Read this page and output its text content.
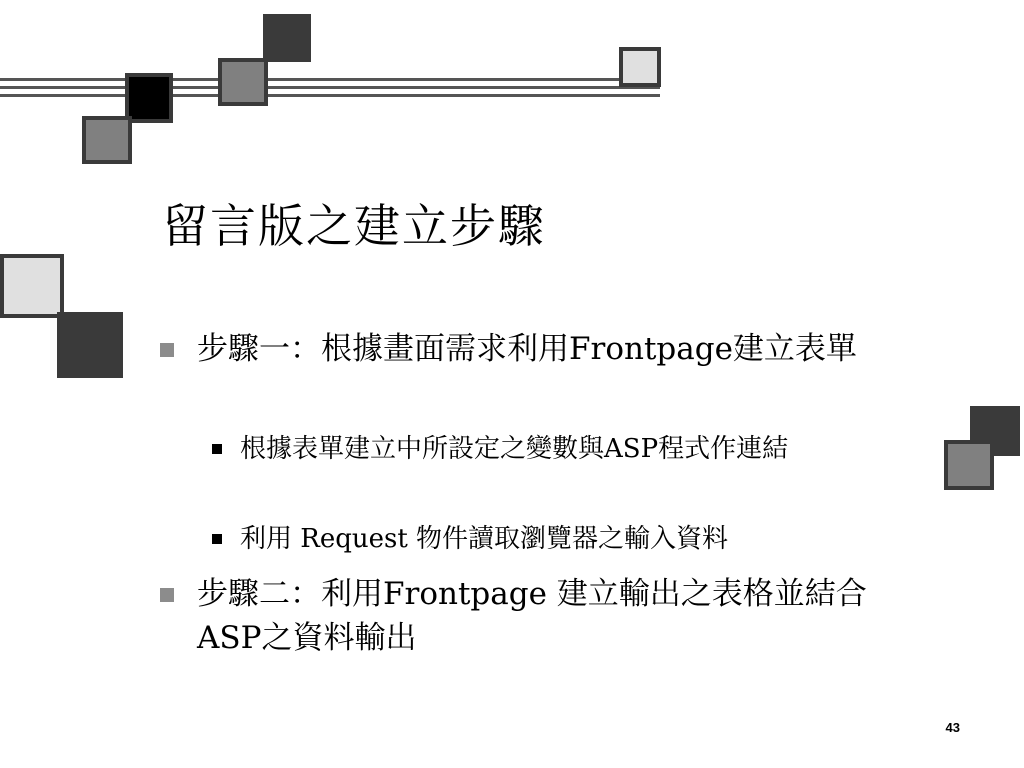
留言版之建立步驟
步驟一：根據畫面需求利用Frontpage建立表單
根據表單建立中所設定之變數與ASP程式作連結
利用 Request 物件讀取瀏覽器之輸入資料
步驟二：利用Frontpage 建立輸出之表格並結合ASP之資料輸出
43
